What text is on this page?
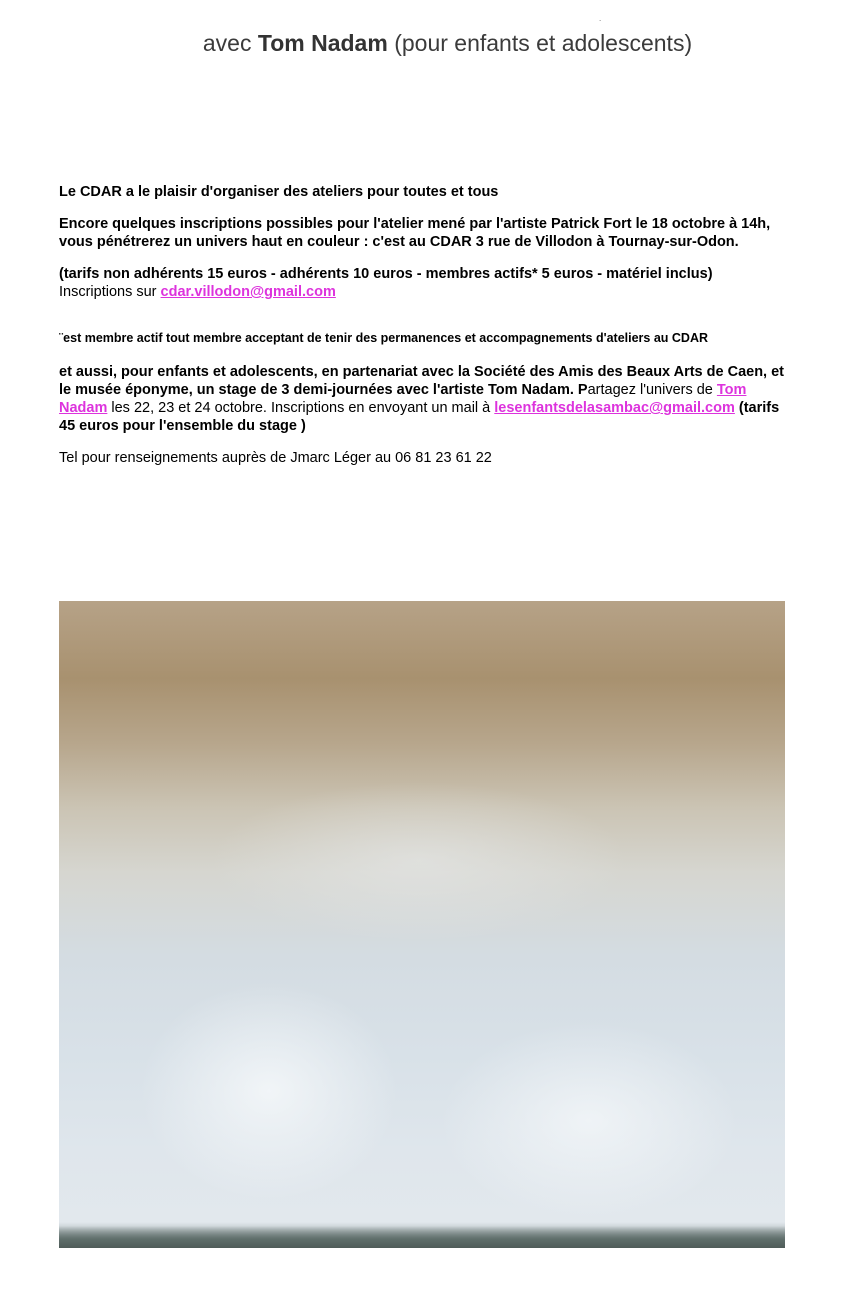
.
avec Tom Nadam (pour enfants et adolescents)

Le CDAR a le plaisir d'organiser des ateliers pour toutes et tous

Encore quelques inscriptions possibles pour l'atelier mené par l'artiste Patrick Fort le 18 octobre à 14h, vous pénétrerez un univers haut en couleur : c'est au CDAR 3 rue de Villodon à Tournay-sur-Odon.

(tarifs non adhérents 15 euros - adhérents 10 euros - membres actifs* 5 euros - matériel inclus)
Inscriptions sur cdar.villodon@gmail.com

¨est membre actif tout membre acceptant de tenir des permanences et accompagnements d'ateliers au CDAR

et aussi, pour enfants et adolescents, en partenariat avec la Société des Amis des Beaux Arts de Caen, et le musée éponyme, un stage de 3 demi-journées avec l'artiste Tom Nadam. Partagez l'univers de Tom Nadam les 22, 23 et 24 octobre. Inscriptions en envoyant un mail à lesenfantsdelasambac@gmail.com (tarifs 45 euros pour l'ensemble du stage )

Tel pour renseignements auprès de Jmarc Léger au 06 81 23 61 22
